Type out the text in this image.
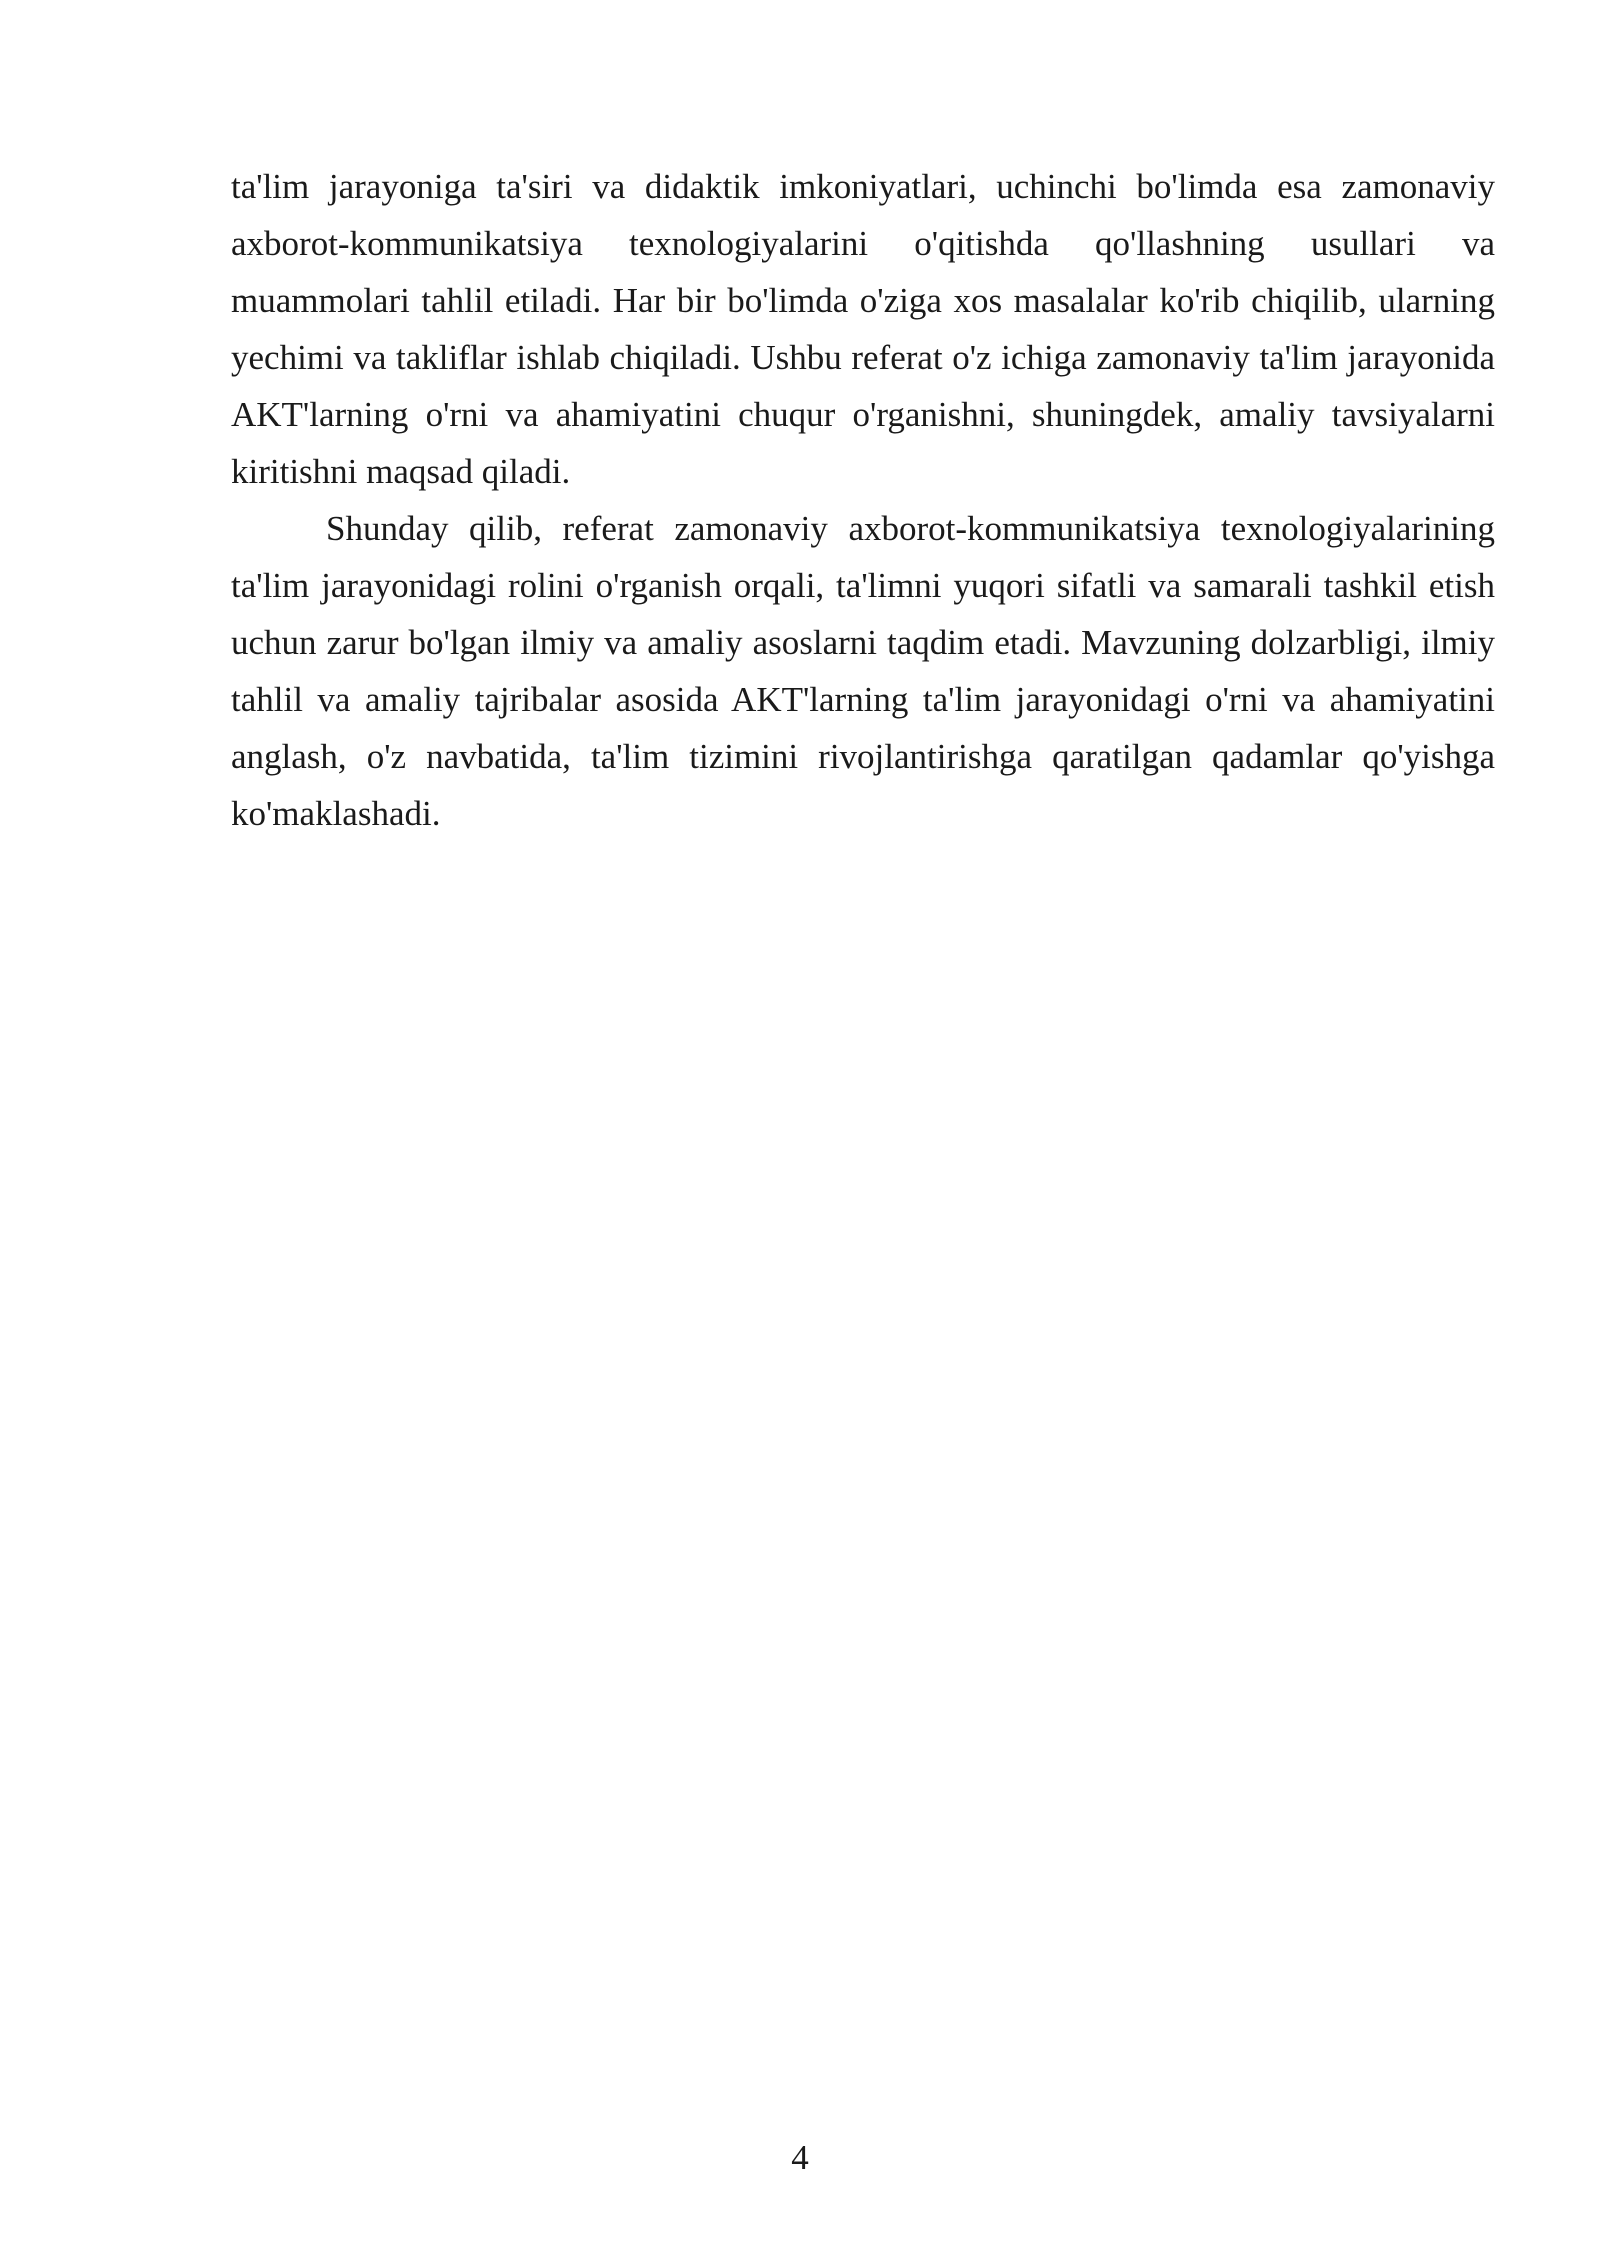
ta'lim jarayoniga ta'siri va didaktik imkoniyatlari, uchinchi bo'limda esa zamonaviy axborot-kommunikatsiya texnologiyalarini o'qitishda qo'llashning usullari va muammolari tahlil etiladi. Har bir bo'limda o'ziga xos masalalar ko'rib chiqilib, ularning yechimi va takliflar ishlab chiqiladi. Ushbu referat o'z ichiga zamonaviy ta'lim jarayonida AKT'larning o'rni va ahamiyatini chuqur o'rganishni, shuningdek, amaliy tavsiyalarni kiritishni maqsad qiladi.

Shunday qilib, referat zamonaviy axborot-kommunikatsiya texnologiyalarining ta'lim jarayonidagi rolini o'rganish orqali, ta'limni yuqori sifatli va samarali tashkil etish uchun zarur bo'lgan ilmiy va amaliy asoslarni taqdim etadi. Mavzuning dolzarbligi, ilmiy tahlil va amaliy tajribalar asosida AKT'larning ta'lim jarayonidagi o'rni va ahamiyatini anglash, o'z navbatida, ta'lim tizimini rivojlantirishga qaratilgan qadamlar qo'yishga ko'maklashadi.

4
